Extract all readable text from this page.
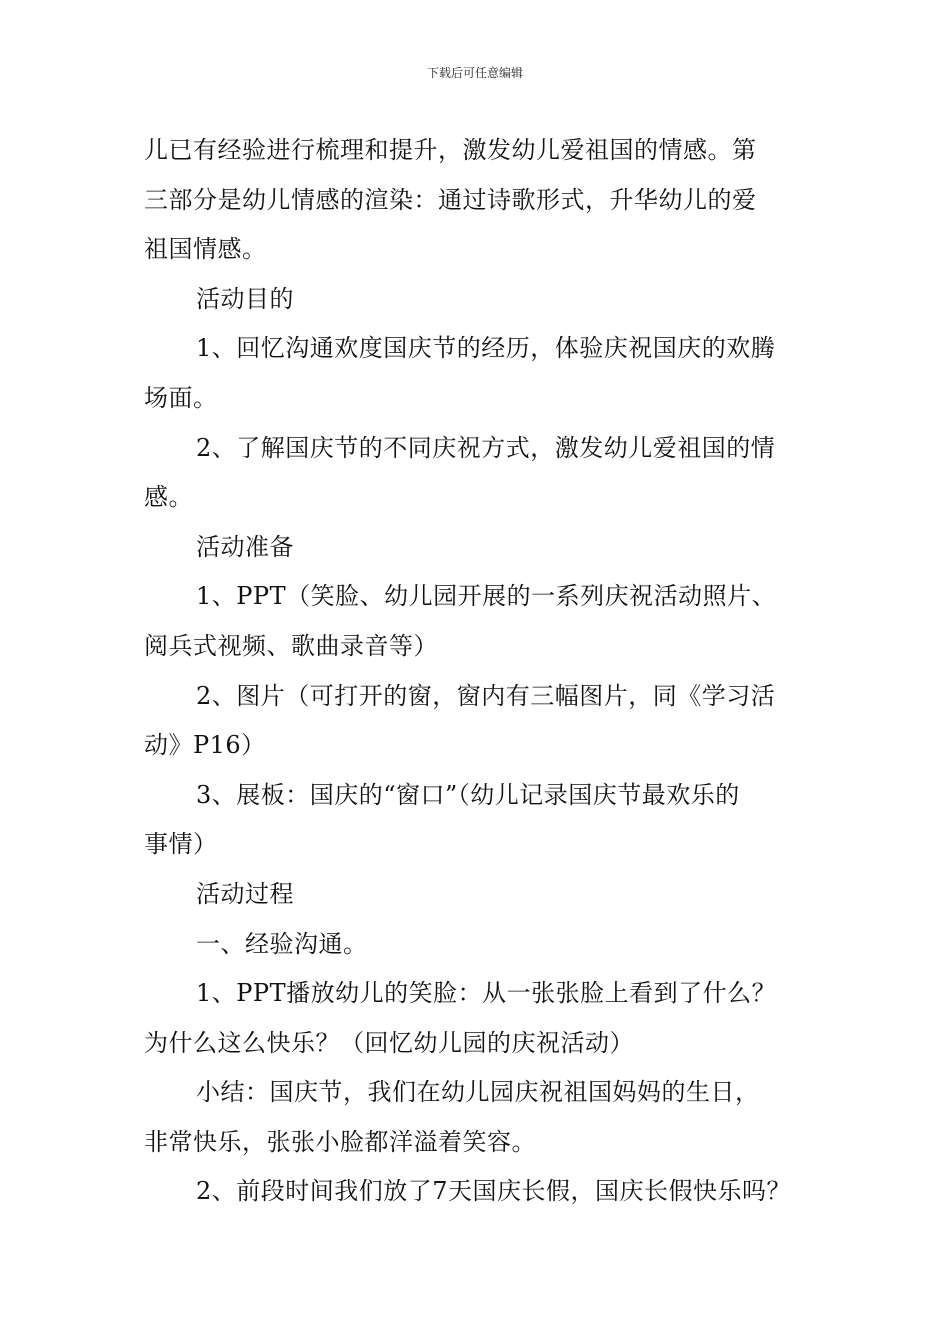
下载后可任意编辑
儿已有经验进行梳理和提升，激发幼儿爱祖国的情感。第
三部分是幼儿情感的渲染：通过诗歌形式，升华幼儿的爱
祖国情感。
活动目的
1、回忆沟通欢度国庆节的经历，体验庆祝国庆的欢腾
场面。
2、了解国庆节的不同庆祝方式，激发幼儿爱祖国的情
感。
活动准备
1、PPT（笑脸、幼儿园开展的一系列庆祝活动照片、
阅兵式视频、歌曲录音等）
2、图片（可打开的窗，窗内有三幅图片，同《学习活
动》P16）
3、展板：国庆的“窗口”（幼儿记录国庆节最欢乐的
事情）
活动过程
一、经验沟通。
1、PPT播放幼儿的笑脸：从一张张脸上看到了什么？
为什么这么快乐？（回忆幼儿园的庆祝活动）
小结：国庆节，我们在幼儿园庆祝祖国妈妈的生日，
非常快乐，张张小脸都洋溢着笑容。
2、前段时间我们放了7天国庆长假，国庆长假快乐吗？
